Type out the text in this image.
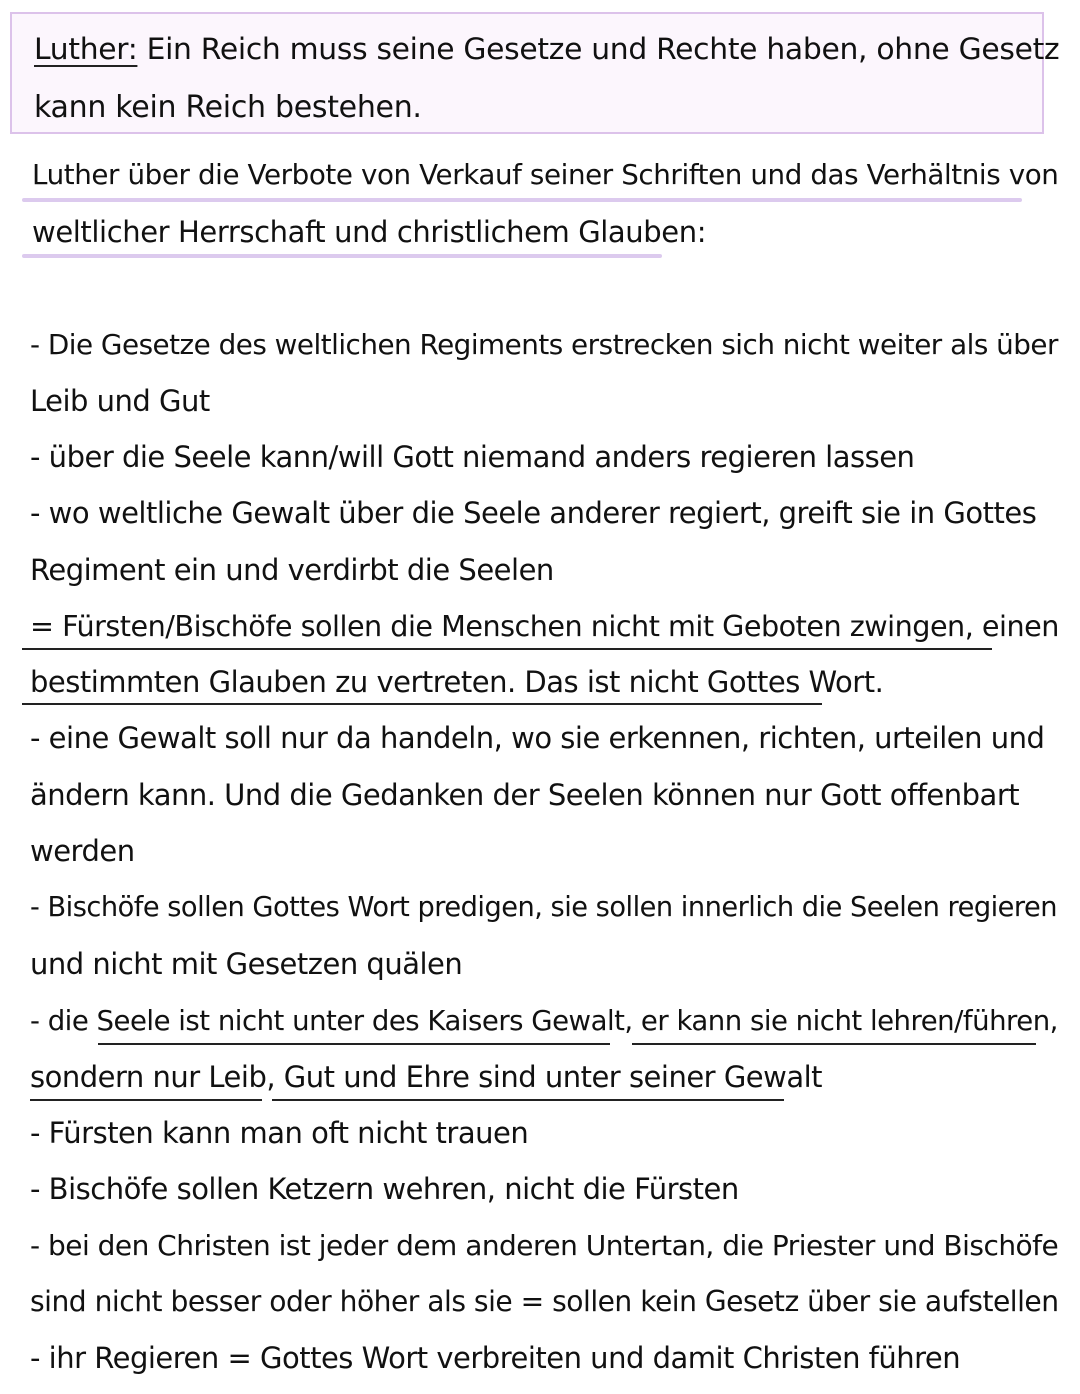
Luther: Ein Reich muss seine Gesetze und Rechte haben, ohne Gesetz
kann kein Reich bestehen.
Luther über die Verbote von Verkauf seiner Schriften und das Verhältnis von
weltlicher Herrschaft und christlichem Glauben:
- Die Gesetze des weltlichen Regiments erstrecken sich nicht weiter als über
Leib und Gut
- über die Seele kann/will Gott niemand anders regieren lassen
- wo weltliche Gewalt über die Seele anderer regiert, greift sie in Gottes
Regiment ein und verdirbt die Seelen
= Fürsten/Bischöfe sollen die Menschen nicht mit Geboten zwingen, einen
bestimmten Glauben zu vertreten. Das ist nicht Gottes Wort.
- eine Gewalt soll nur da handeln, wo sie erkennen, richten, urteilen und
ändern kann. Und die Gedanken der Seelen können nur Gott offenbart
werden
- Bischöfe sollen Gottes Wort predigen, sie sollen innerlich die Seelen regieren
und nicht mit Gesetzen quälen
- die Seele ist nicht unter des Kaisers Gewalt, er kann sie nicht lehren/führen,
sondern nur Leib, Gut und Ehre sind unter seiner Gewalt
- Fürsten kann man oft nicht trauen
- Bischöfe sollen Ketzern wehren, nicht die Fürsten
- bei den Christen ist jeder dem anderen Untertan, die Priester und Bischöfe
sind nicht besser oder höher als sie = sollen kein Gesetz über sie aufstellen
- ihr Regieren = Gottes Wort verbreiten und damit Christen führen
